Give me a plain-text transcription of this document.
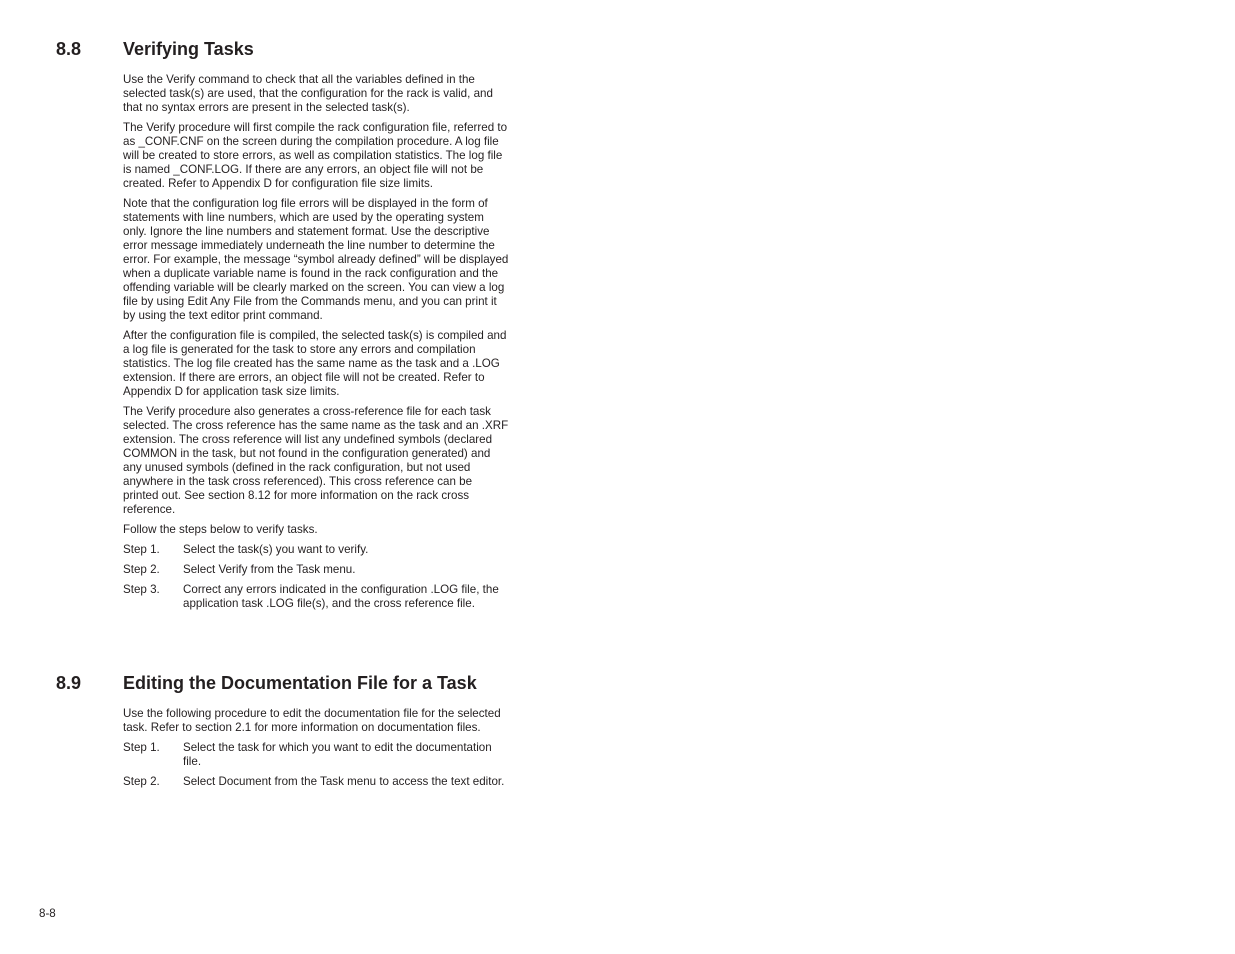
8.8 Verifying Tasks

Use the Verify command to check that all the variables defined in the selected task(s) are used, that the configuration for the rack is valid, and that no syntax errors are present in the selected task(s).

The Verify procedure will first compile the rack configuration file, referred to as _CONF.CNF on the screen during the compilation procedure. A log file will be created to store errors, as well as compilation statistics. The log file is named _CONF.LOG. If there are any errors, an object file will not be created. Refer to Appendix D for configuration file size limits.

Note that the configuration log file errors will be displayed in the form of statements with line numbers, which are used by the operating system only. Ignore the line numbers and statement format. Use the descriptive error message immediately underneath the line number to determine the error. For example, the message “symbol already defined” will be displayed when a duplicate variable name is found in the rack configuration and the offending variable will be clearly marked on the screen. You can view a log file by using Edit Any File from the Commands menu, and you can print it by using the text editor print command.

After the configuration file is compiled, the selected task(s) is compiled and a log file is generated for the task to store any errors and compilation statistics. The log file created has the same name as the task and a .LOG extension. If there are errors, an object file will not be created. Refer to Appendix D for application task size limits.

The Verify procedure also generates a cross-reference file for each task selected. The cross reference has the same name as the task and an .XRF extension. The cross reference will list any undefined symbols (declared COMMON in the task, but not found in the configuration generated) and any unused symbols (defined in the rack configuration, but not used anywhere in the task cross referenced). This cross reference can be printed out. See section 8.12 for more information on the rack cross reference.

Follow the steps below to verify tasks.

Step 1.	Select the task(s) you want to verify.
Step 2.	Select Verify from the Task menu.
Step 3.	Correct any errors indicated in the configuration .LOG file, the application task .LOG file(s), and the cross reference file.
8.9 Editing the Documentation File for a Task

Use the following procedure to edit the documentation file for the selected task. Refer to section 2.1 for more information on documentation files.

Step 1.	Select the task for which you want to edit the documentation file.
Step 2.	Select Document from the Task menu to access the text editor.
8-8
